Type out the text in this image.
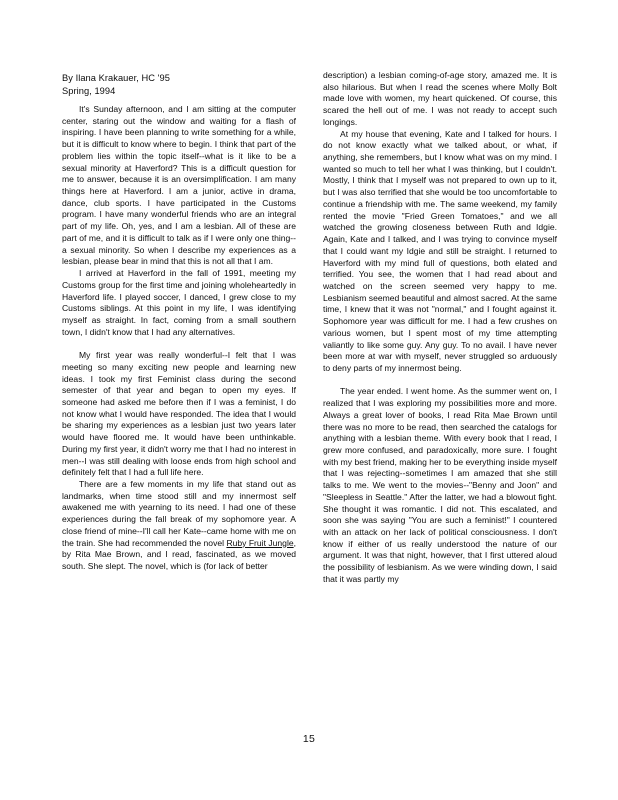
By Ilana Krakauer, HC '95
Spring, 1994

It's Sunday afternoon, and I am sitting at the computer center, staring out the window and waiting for a flash of inspiring. I have been planning to write something for a while, but it is difficult to know where to begin. I think that part of the problem lies within the topic itself--what is it like to be a sexual minority at Haverford? This is a difficult question for me to answer, because it is an oversimplification. I am many things here at Haverford. I am a junior, active in drama, dance, club sports. I have participated in the Customs program. I have many wonderful friends who are an integral part of my life. Oh, yes, and I am a lesbian. All of these are part of me, and it is difficult to talk as if I were only one thing--a sexual minority. So when I describe my experiences as a lesbian, please bear in mind that this is not all that I am.

I arrived at Haverford in the fall of 1991, meeting my Customs group for the first time and joining wholeheartedly in Haverford life. I played soccer, I danced, I grew close to my Customs siblings. At this point in my life, I was identifying myself as straight. In fact, coming from a small southern town, I didn't know that I had any alternatives.

My first year was really wonderful--I felt that I was meeting so many exciting new people and learning new ideas. I took my first Feminist class during the second semester of that year and began to open my eyes. If someone had asked me before then if I was a feminist, I do not know what I would have responded. The idea that I would be sharing my experiences as a lesbian just two years later would have floored me. It would have been unthinkable. During my first year, it didn't worry me that I had no interest in men--I was still dealing with loose ends from high school and definitely felt that I had a full life here.

There are a few moments in my life that stand out as landmarks, when time stood still and my innermost self awakened me with yearning to its need. I had one of these experiences during the fall break of my sophomore year. A close friend of mine--I'll call her Kate--came home with me on the train. She had recommended the novel Ruby Fruit Jungle, by Rita Mae Brown, and I read, fascinated, as we moved south. She slept. The novel, which is (for lack of better

description) a lesbian coming-of-age story, amazed me. It is also hilarious. But when I read the scenes where Molly Bolt made love with women, my heart quickened. Of course, this scared the hell out of me. I was not ready to accept such longings.

At my house that evening, Kate and I talked for hours. I do not know exactly what we talked about, or what, if anything, she remembers, but I know what was on my mind. I wanted so much to tell her what I was thinking, but I couldn't. Mostly, I think that I myself was not prepared to own up to it, but I was also terrified that she would be too uncomfortable to continue a friendship with me. The same weekend, my family rented the movie "Fried Green Tomatoes," and we all watched the growing closeness between Ruth and Idgie. Again, Kate and I talked, and I was trying to convince myself that I could want my Idgie and still be straight. I returned to Haverford with my mind full of questions, both elated and terrified. You see, the women that I had read about and watched on the screen seemed very happy to me. Lesbianism seemed beautiful and almost sacred. At the same time, I knew that it was not "normal," and I fought against it. Sophomore year was difficult for me. I had a few crushes on various women, but I spent most of my time attempting valiantly to like some guy. Any guy. To no avail. I have never been more at war with myself, never struggled so arduously to deny parts of my innermost being.

The year ended. I went home. As the summer went on, I realized that I was exploring my possibilities more and more. Always a great lover of books, I read Rita Mae Brown until there was no more to be read, then searched the catalogs for anything with a lesbian theme. With every book that I read, I grew more confused, and paradoxically, more sure. I fought with my best friend, making her to be everything inside myself that I was rejecting--sometimes I am amazed that she still talks to me. We went to the movies--"Benny and Joon" and "Sleepless in Seattle." After the latter, we had a blowout fight. She thought it was romantic. I did not. This escalated, and soon she was saying "You are such a feminist!" I countered with an attack on her lack of political consciousness. I don't know if either of us really understood the nature of our argument. It was that night, however, that I first uttered aloud the possibility of lesbianism. As we were winding down, I said that it was partly my

15
